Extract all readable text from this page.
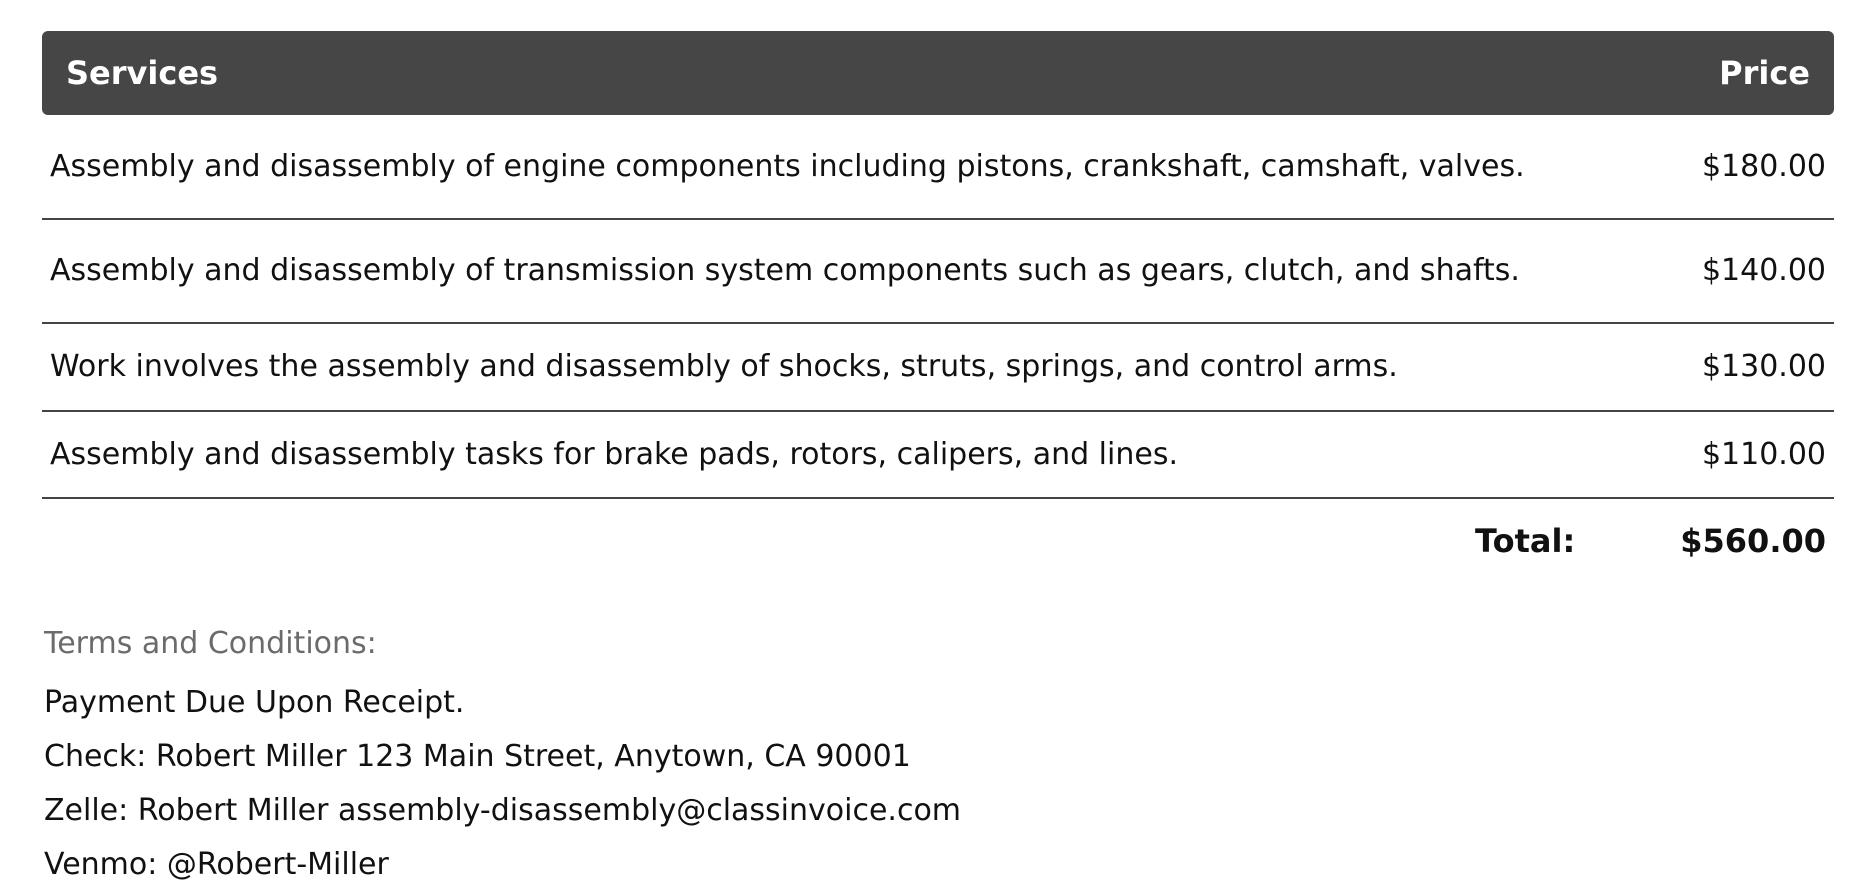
Services	Price
Assembly and disassembly of engine components including pistons, crankshaft, camshaft, valves.	$180.00
Assembly and disassembly of transmission system components such as gears, clutch, and shafts.	$140.00
Work involves the assembly and disassembly of shocks, struts, springs, and control arms.	$130.00
Assembly and disassembly tasks for brake pads, rotors, calipers, and lines.	$110.00
Total:	$560.00
Terms and Conditions:
Payment Due Upon Receipt.
Check: Robert Miller 123 Main Street, Anytown, CA 90001
Zelle: Robert Miller assembly-disassembly@classinvoice.com
Venmo: @Robert-Miller
